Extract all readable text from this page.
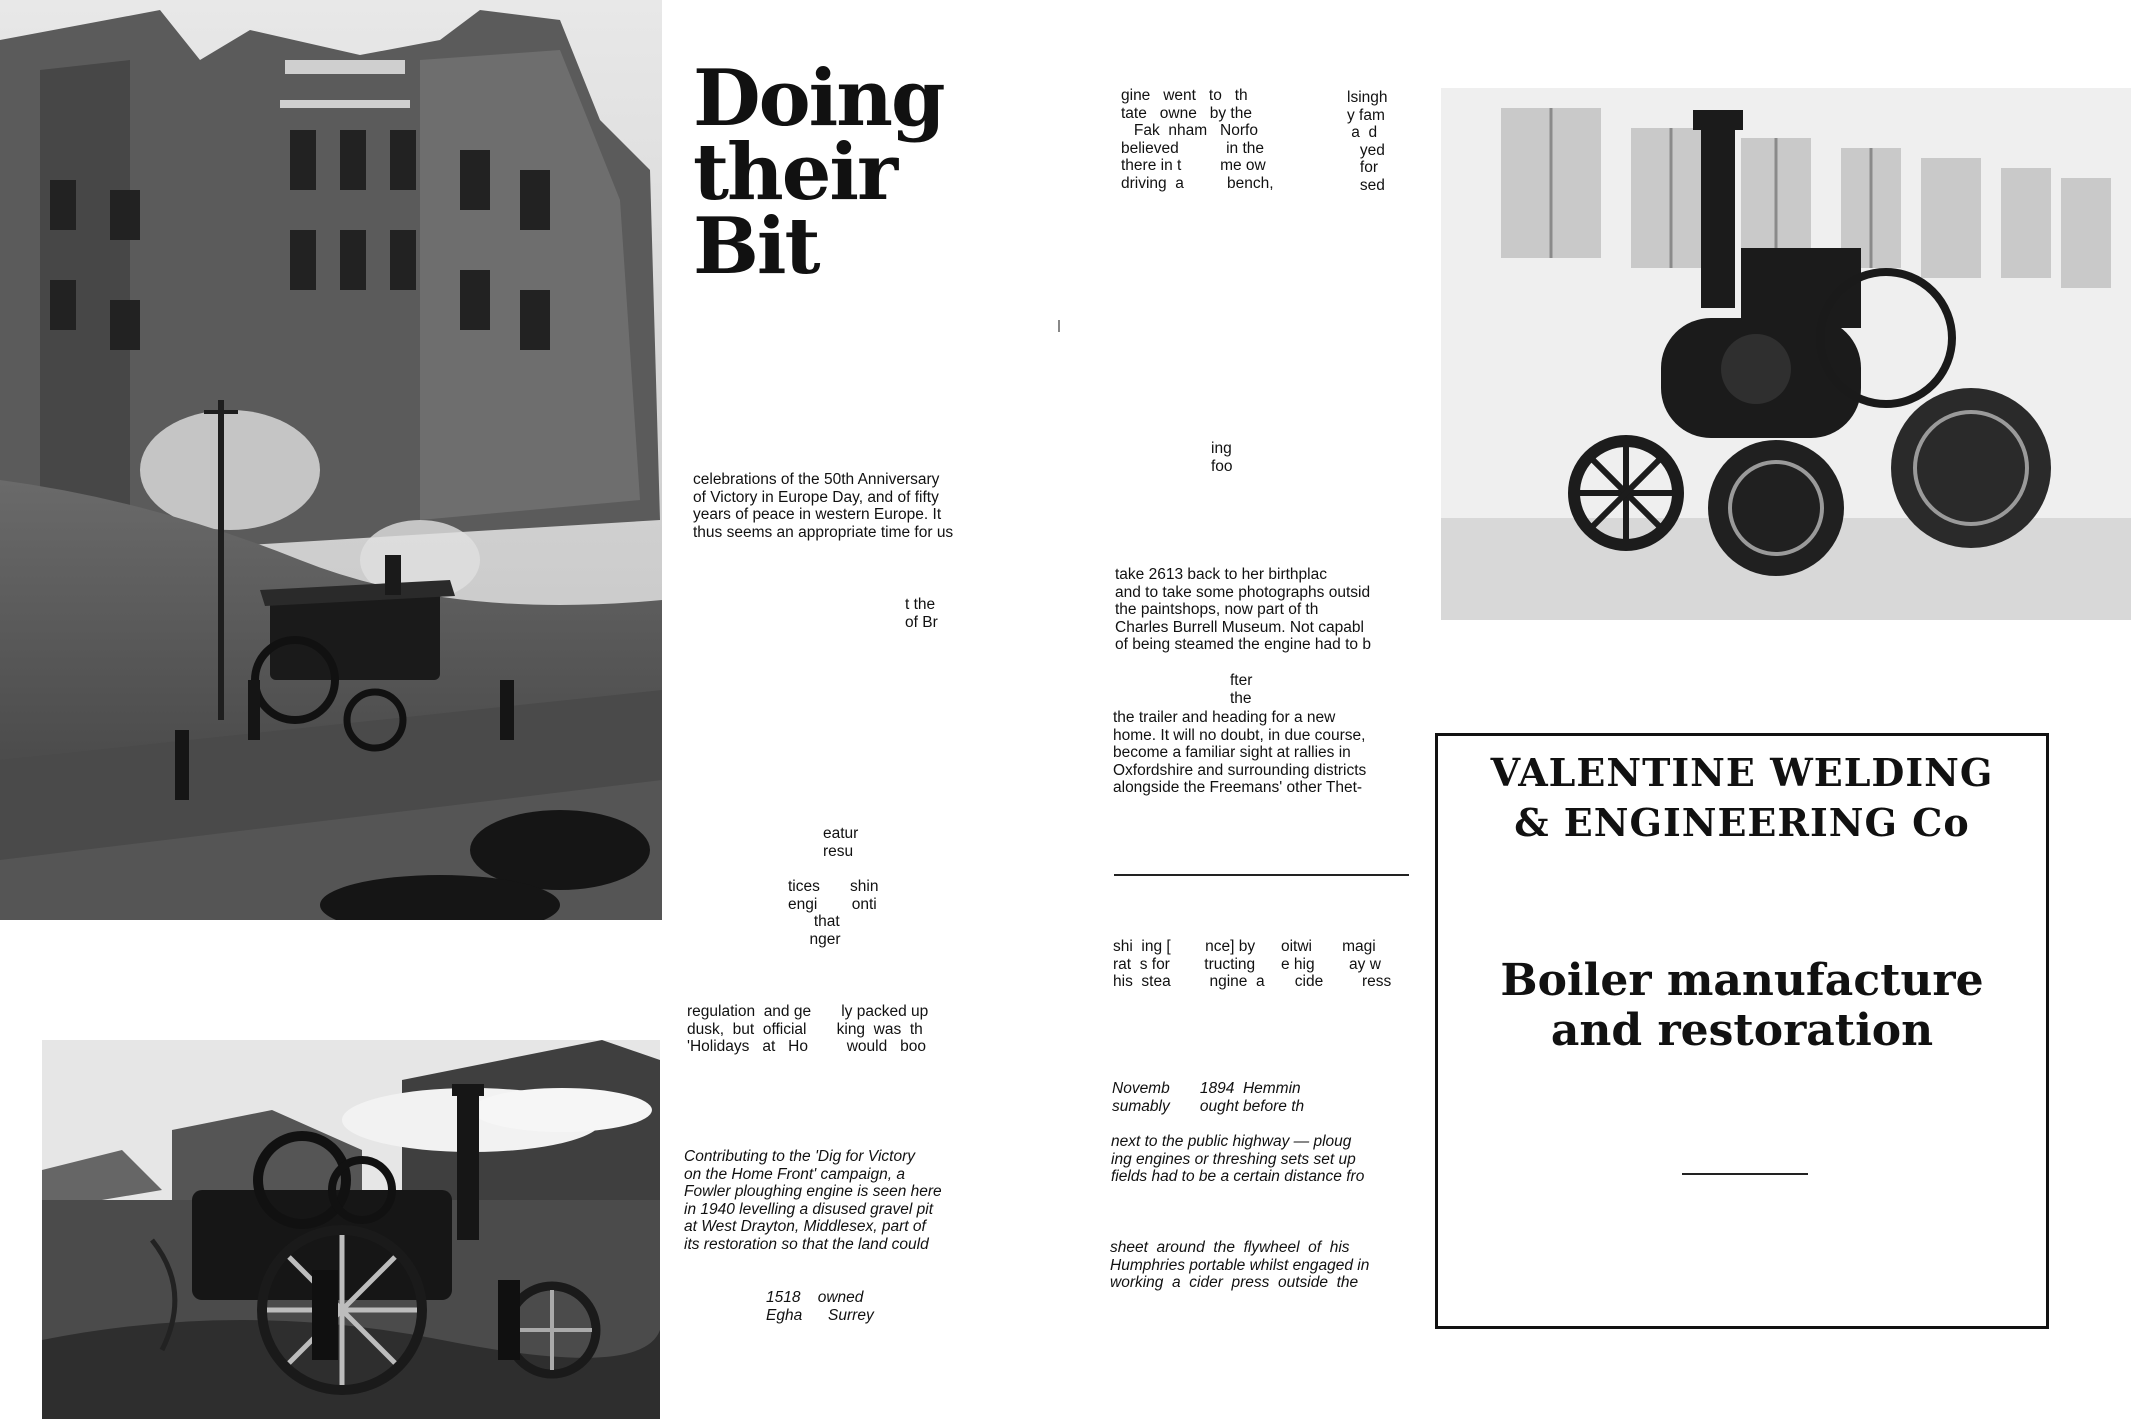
Doing
their
Bit
celebrations of the 50th Anniversary
of Victory in Europe Day, and of fifty
years of peace in western Europe. It
thus seems an appropriate time for us
t the
of Br
eatur
resu
tices       shin
engi        onti
that
nger
regulation  and ge       ly packed up
dusk,  but  official       king  was  th
'Holidays   at   Ho         would   boo
Contributing to the 'Dig for Victory
on the Home Front' campaign, a
Fowler ploughing engine is seen here
in 1940 levelling a disused gravel pit
at West Drayton, Middlesex, part of
its restoration so that the land could
1518    owned
Egha      Surrey
gine   went   to   th
tate   owne   by the
Fak  nham   Norfo
believed           in the
there in t         me ow
driving  a          bench,
lsingh
y fam
a  d
yed
for
sed
ing
foo
take 2613 back to her birthplac
and to take some photographs outsid
the paintshops, now part of th
Charles Burrell Museum. Not capabl
of being steamed the engine had to b
fter
the
the trailer and heading for a new
home. It will no doubt, in due course,
become a familiar sight at rallies in
Oxfordshire and surrounding districts
alongside the Freemans' other Thet-
shi  ing [        nce] by      oitwi       magi
rat  s for        tructing      e hig        ay w
his  stea         ngine  a       cide         ress
Novemb       1894  Hemmin
sumably       ought before th
next to the public highway — ploug
ing engines or threshing sets set up
fields had to be a certain distance fro
sheet  around  the  flywheel  of  his
Humphries portable whilst engaged in
working  a  cider  press  outside  the
VALENTINE WELDING
& ENGINEERING Co
Boiler manufacture
and restoration
